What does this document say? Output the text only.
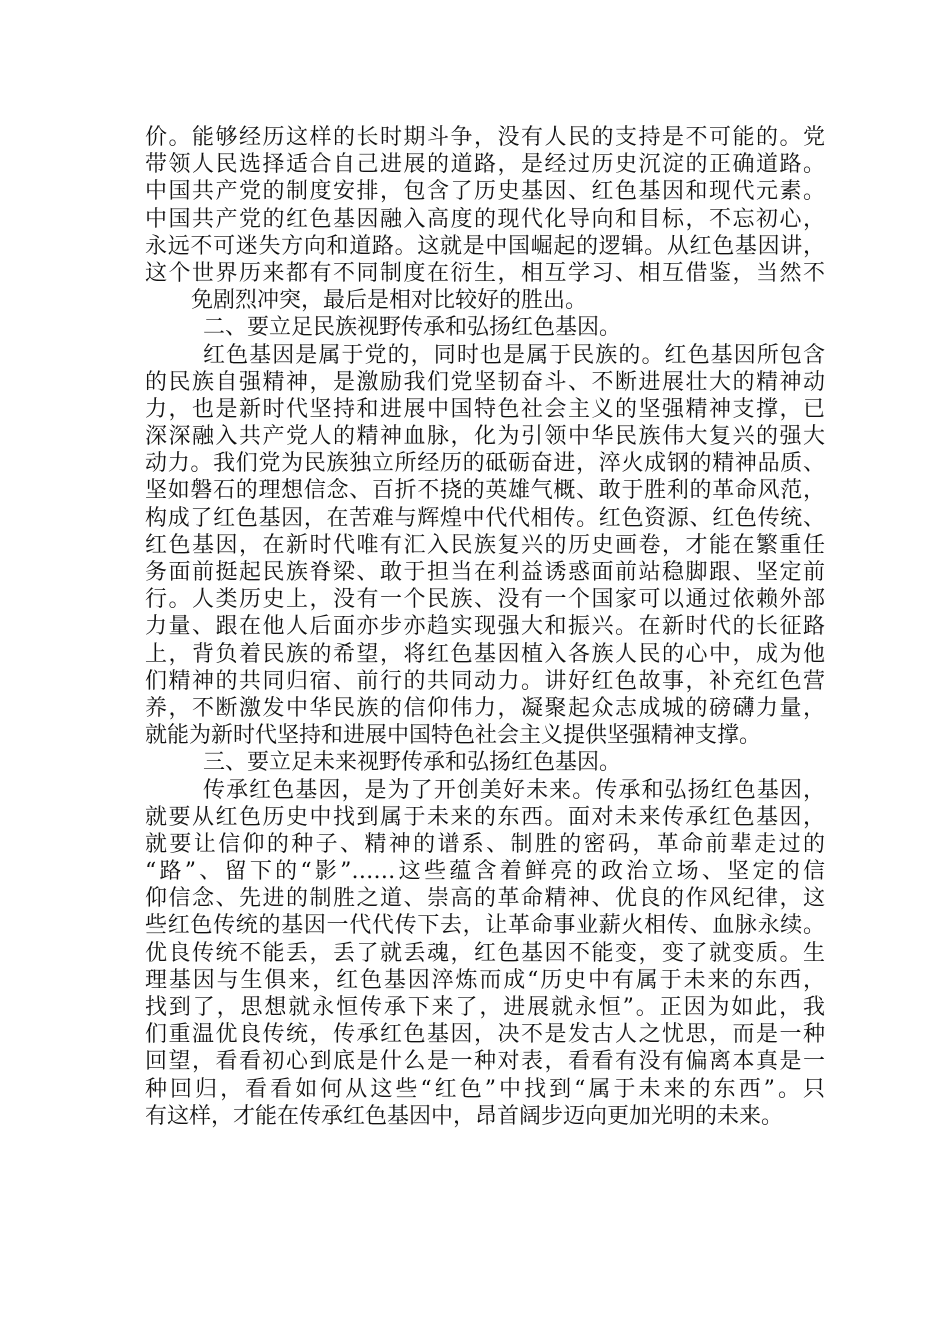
价。能够经历这样的长时期斗争，没有人民的支持是不可能的。党
带领人民选择适合自己进展的道路，是经过历史沉淀的正确道路。
中国共产党的制度安排，包含了历史基因、红色基因和现代元素。
中国共产党的红色基因融入高度的现代化导向和目标，不忘初心，
永远不可迷失方向和道路。这就是中国崛起的逻辑。从红色基因讲，
这个世界历来都有不同制度在衍生，相互学习、相互借鉴，当然不
免剧烈冲突，最后是相对比较好的胜出。
二、要立足民族视野传承和弘扬红色基因。
红色基因是属于党的，同时也是属于民族的。红色基因所包含
的民族自强精神，是激励我们党坚韧奋斗、不断进展壮大的精神动
力，也是新时代坚持和进展中国特色社会主义的坚强精神支撑，已
深深融入共产党人的精神血脉，化为引领中华民族伟大复兴的强大
动力。我们党为民族独立所经历的砥砺奋进，淬火成钢的精神品质、
坚如磐石的理想信念、百折不挠的英雄气概、敢于胜利的革命风范，
构成了红色基因，在苦难与辉煌中代代相传。红色资源、红色传统、
红色基因，在新时代唯有汇入民族复兴的历史画卷，才能在繁重任
务面前挺起民族脊梁、敢于担当在利益诱惑面前站稳脚跟、坚定前
行。人类历史上，没有一个民族、没有一个国家可以通过依赖外部
力量、跟在他人后面亦步亦趋实现强大和振兴。在新时代的长征路
上，背负着民族的希望，将红色基因植入各族人民的心中，成为他
们精神的共同归宿、前行的共同动力。讲好红色故事，补充红色营
养，不断激发中华民族的信仰伟力，凝聚起众志成城的磅礴力量，
就能为新时代坚持和进展中国特色社会主义提供坚强精神支撑。
三、要立足未来视野传承和弘扬红色基因。
传承红色基因，是为了开创美好未来。传承和弘扬红色基因，
就要从红色历史中找到属于未来的东西。面对未来传承红色基因，
就要让信仰的种子、精神的谱系、制胜的密码，革命前辈走过的
“路”、留下的“影”……这些蕴含着鲜亮的政治立场、坚定的信
仰信念、先进的制胜之道、崇高的革命精神、优良的作风纪律，这
些红色传统的基因一代代传下去，让革命事业薪火相传、血脉永续。
优良传统不能丢，丢了就丢魂，红色基因不能变，变了就变质。生
理基因与生俱来，红色基因淬炼而成“历史中有属于未来的东西，
找到了，思想就永恒传承下来了，进展就永恒”。正因为如此，我
们重温优良传统，传承红色基因，决不是发古人之忧思，而是一种
回望，看看初心到底是什么是一种对表，看看有没有偏离本真是一
种回归，看看如何从这些“红色”中找到“属于未来的东西”。只
有这样，才能在传承红色基因中，昂首阔步迈向更加光明的未来。
